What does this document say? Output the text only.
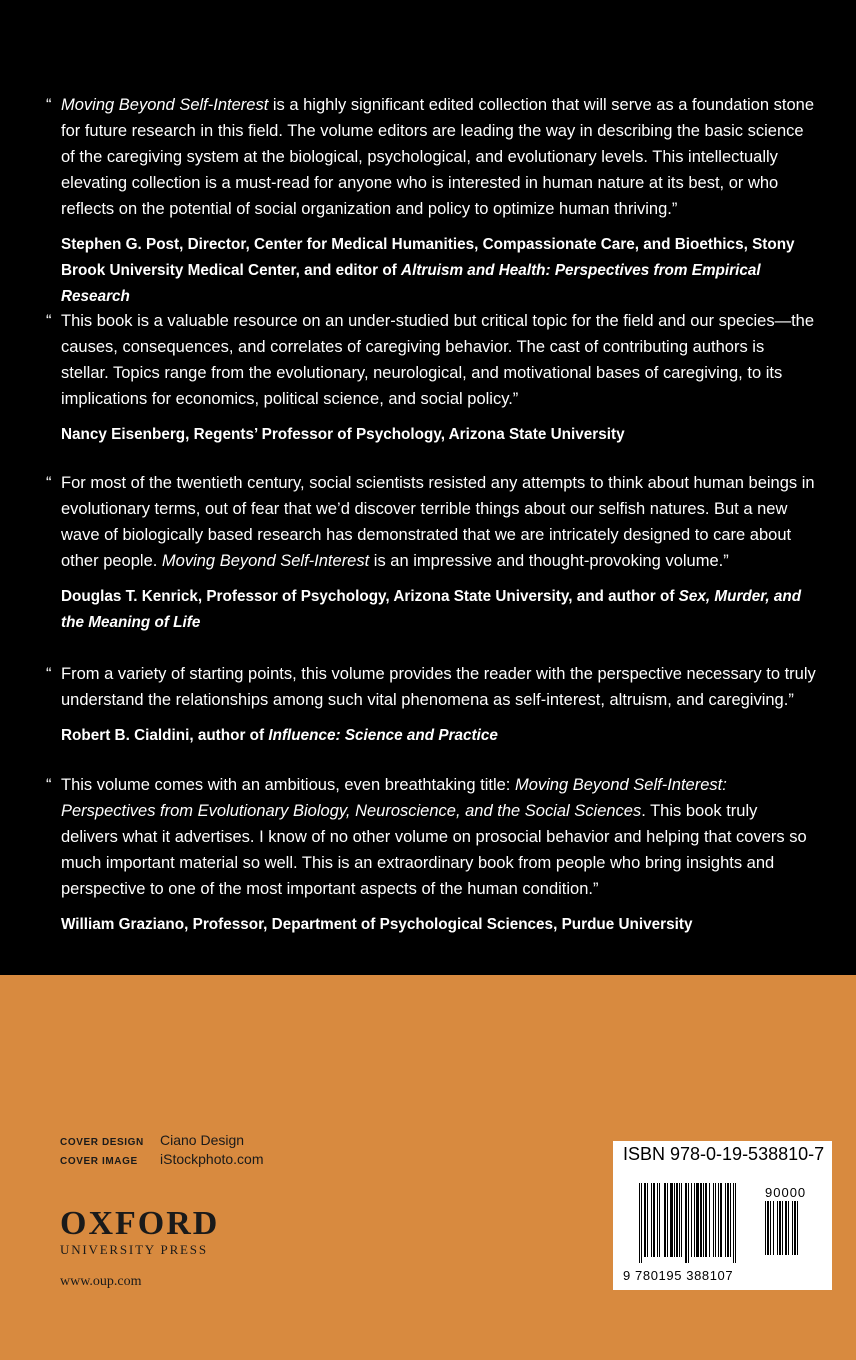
“ Moving Beyond Self-Interest is a highly significant edited collection that will serve as a foundation stone for future research in this field. The volume editors are leading the way in describing the basic science of the caregiving system at the biological, psychological, and evolutionary levels. This intellectually elevating collection is a must-read for anyone who is interested in human nature at its best, or who reflects on the potential of social organization and policy to optimize human thriving.”

Stephen G. Post, Director, Center for Medical Humanities, Compassionate Care, and Bioethics, Stony Brook University Medical Center, and editor of Altruism and Health: Perspectives from Empirical Research

“ This book is a valuable resource on an under-studied but critical topic for the field and our species—the causes, consequences, and correlates of caregiving behavior. The cast of contributing authors is stellar. Topics range from the evolutionary, neurological, and motivational bases of caregiving, to its implications for economics, political science, and social policy.”

Nancy Eisenberg, Regents’ Professor of Psychology, Arizona State University

“ For most of the twentieth century, social scientists resisted any attempts to think about human beings in evolutionary terms, out of fear that we’d discover terrible things about our selfish natures. But a new wave of biologically based research has demonstrated that we are intricately designed to care about other people. Moving Beyond Self-Interest is an impressive and thought-provoking volume.”

Douglas T. Kenrick, Professor of Psychology, Arizona State University, and author of Sex, Murder, and the Meaning of Life

“ From a variety of starting points, this volume provides the reader with the perspective necessary to truly understand the relationships among such vital phenomena as self-interest, altruism, and caregiving.”

Robert B. Cialdini, author of Influence: Science and Practice

“ This volume comes with an ambitious, even breathtaking title: Moving Beyond Self-Interest: Perspectives from Evolutionary Biology, Neuroscience, and the Social Sciences. This book truly delivers what it advertises. I know of no other volume on prosocial behavior and helping that covers so much important material so well. This is an extraordinary book from people who bring insights and perspective to one of the most important aspects of the human condition.”

William Graziano, Professor, Department of Psychological Sciences, Purdue University
COVER DESIGN Ciano Design
COVER IMAGE iStockphoto.com
OXFORD
UNIVERSITY PRESS
www.oup.com
ISBN 978-0-19-538810-7
90000
9 780195 388107
